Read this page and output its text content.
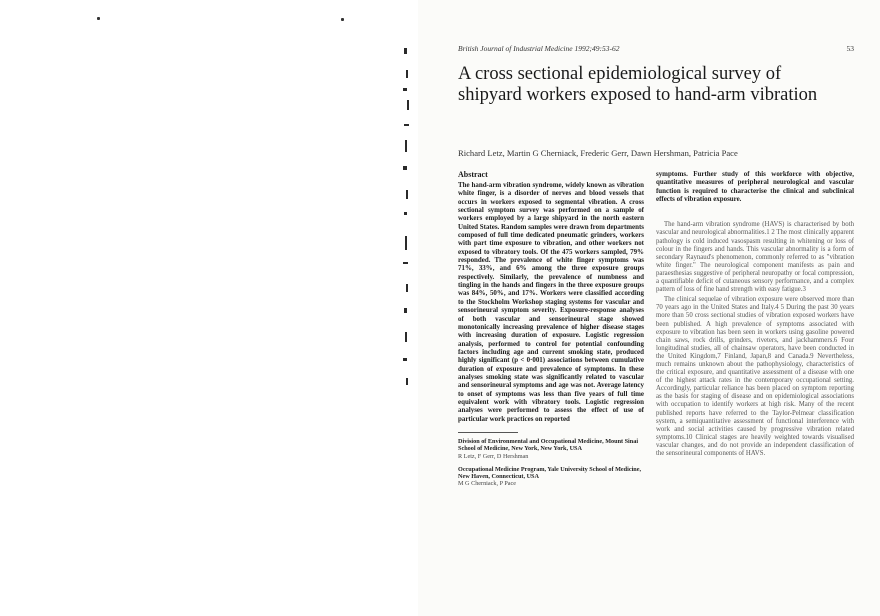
British Journal of Industrial Medicine 1992;49:53-62	53
A cross sectional epidemiological survey of shipyard workers exposed to hand-arm vibration
Richard Letz, Martin G Cherniack, Frederic Gerr, Dawn Hershman, Patricia Pace

Abstract

The hand-arm vibration syndrome, widely known as vibration white finger, is a disorder of nerves and blood vessels that occurs in workers exposed to segmental vibration. A cross sectional symptom survey was performed on a sample of workers employed by a large shipyard in the north eastern United States. Random samples were drawn from departments composed of full time dedicated pneumatic grinders, workers with part time exposure to vibration, and other workers not exposed to vibratory tools. Of the 475 workers sampled, 79% responded. The prevalence of white finger symptoms was 71%, 33%, and 6% among the three exposure groups respectively. Similarly, the prevalence of numbness and tingling in the hands and fingers in the three exposure groups was 84%, 50%, and 17%. Workers were classified according to the Stockholm Workshop staging systems for vascular and sensorineural symptom severity. Exposure-response analyses of both vascular and sensorineural stage showed monotonically increasing prevalence of higher disease stages with increasing duration of exposure. Logistic regression analysis, performed to control for potential confounding factors including age and current smoking state, produced highly significant (p < 0·001) associations between cumulative duration of exposure and prevalence of symptoms. In these analyses smoking state was significantly related to vascular and sensorineural symptoms and age was not. Average latency to onset of symptoms was less than five years of full time equivalent work with vibratory tools. Logistic regression analyses were performed to assess the effect of use of particular work practices on reported

Division of Environmental and Occupational Medicine, Mount Sinai School of Medicine, New York, New York, USA
R Letz, F Gerr, D Hershman

Occupational Medicine Program, Yale University School of Medicine, New Haven, Connecticut, USA
M G Cherniack, P Pace

symptoms. Further study of this workforce with objective, quantitative measures of peripheral neurological and vascular function is required to characterise the clinical and subclinical effects of vibration exposure.

The hand-arm vibration syndrome (HAVS) is characterised by both vascular and neurological abnormalities.1 2 The most clinically apparent pathology is cold induced vasospasm resulting in whitening or loss of colour in the fingers and hands. This vascular abnormality is a form of secondary Raynaud's phenomenon, commonly referred to as "vibration white finger." The neurological component manifests as pain and paraesthesias suggestive of peripheral neuropathy or focal compression, a quantifiable deficit of cutaneous sensory performance, and a complex pattern of loss of fine hand strength with easy fatigue.3

The clinical sequelae of vibration exposure were observed more than 70 years ago in the United States and Italy.4 5 During the past 30 years more than 50 cross sectional studies of vibration exposed workers have been published. A high prevalence of symptoms associated with exposure to vibration has been seen in workers using gasoline powered chain saws, rock drills, grinders, riveters, and jackhammers.6 Four longitudinal studies, all of chainsaw operators, have been conducted in the United Kingdom,7 Finland, Japan,8 and Canada.9 Nevertheless, much remains unknown about the pathophysiology, characteristics of the critical exposure, and quantitative assessment of a disease with one of the highest attack rates in the contemporary occupational setting. Accordingly, particular reliance has been placed on symptom reporting as the basis for staging of disease and on epidemiological associations with occupation to identify workers at high risk. Many of the recent published reports have referred to the Taylor-Pelmear classification system, a semiquantitative assessment of functional interference with work and social activities caused by progressive vibration related symptoms.10 Clinical stages are heavily weighted towards visualised vascular changes, and do not provide an independent classification of the sensorineural components of HAVS.
